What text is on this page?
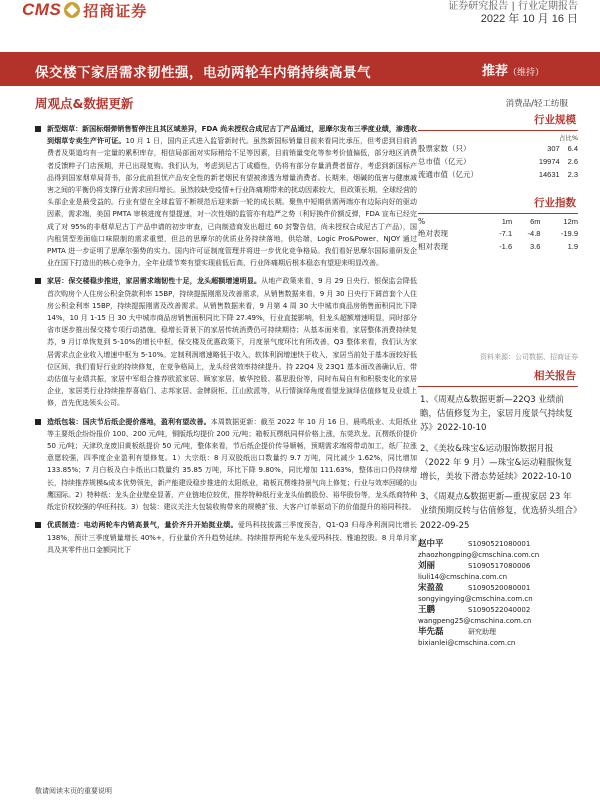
CMS 招商证券	证券研究报告 | 行业定期报告
2022 年 10 月 16 日
保交楼下家居需求韧性强，电动两轮车内销持续高景气	推荐（维持）
周观点&数据更新	消费品/轻工纺服
新型烟草：新国标烟弹销售暂停注且其区域差异，FDA 尚未授权合成尼古丁产品通过，思摩尔发布三季度业绩，渗透收到烟草专卖生产许可证。10 月 1 日，国内正式进入监管新时代。虽然新国标销量目前来看同比承压，但考虑到目前消费者及渠道均有一定量的累积库存，相信局部面对实际稍给不足等因素，目前销量变化等参考价值偏低，部分地区消费者反馈粹子门店预期，并已出现复购。我们认为，考虑到尼古丁成瘾性，仍将有部分存量消费者留存，考虑到新国标产品得到国家烟草局背书，部分此前担忧产品安全性的新老烟民有望被渗透为增量消费者。长期来，烟碱的低害与健康减害之间的平衡仍将支撑行业需求回归增长。虽然较缺受疫情+行业阵痛期带来的扰动因素较大，但政策长期，全球经营的头部企业是最受益的。行业有望在全球监管不断规范后迎来新一轮的成长期。聚焦中短期供需两端亦有边际向好的驱动因素，需求端，美国 PMTA 审核进度有望提速，对一次性烟的监管亦有趋严之势（利好换件价额反弹，FDA 宣布已经完成了对 95%的非烟草尼古丁产品申请的初步审查，已向制造商发出超过 60 封警告信，尚未授权合成尼古丁产品），国内租赁型差面临口味限制的需求重塑，但总的思摩尔的优质业务持续落地，供给端，Logic Pro&Power、NJOY 通过 PMTA 进一步证明了思摩尔强势的实力。国内许可证制度管理并将进一步优化竞争格局。我们看好思摩尔国际重研发企业在国下打造出的核心竞争力，全年业绩节奏有望实现前低后高，行业阵痛期后根本稳态有望迎来明显改善。
家居：保交楼稳步推进，家居需求端韧性十足，龙头超额增速明显。从地产政策来看，9 月 29 日央行、银保监会降低首次购房个人住房公积金贷款利率 15BP，持续提振刚需及改善需求，从销售数据来看，9 月 30 日央行下调首套个人住房公积金利率 15BP，持续提振刚需及改善需求。从销售数据来看，9 月第 4 周 30 大中城市商品房销售面积同比下降 14%，10 月 1-15 日 30 大中城市商品房销售面积同比下降 27.49%，行业直接影响，但龙头超额增速明显，同时部分省市逐步推出保交楼专项行动措施，稳增长背景下的家居传统消费仍可持续期待；从基本面来看，家居整体消费持续复苏，9 月订单恢复到 5-10%的增长中枢，保交楼及优惠政策下，月度景气度环比有所改善，Q3 整体来看，我们认为家居需求点企业收入增速中枢为 5-10%。定制利润增速略低于收入，软体利润增速快于收入，家居当前处于基本面较好低位区间，我们看好行业的持续修复，在竞争格局上，龙头经营效率持续提升。持 22Q4 及 23Q1 基本面改善确认后，带动估值与业绩共振，家居中军组合推荐欧派家居、顾家家居、敏华控股、慕思股份等，同时布局自有和积极变化的家居企业，家居类行业持续推荐喜临门、志邦家居、金牌厨柜、江山欧派等，从行情演绎角度看望龙演绎估值修复及业绩上修，首先优选领头公司。
造纸包装：国庆节后纸企提价落地，盈利有望改善。本周数据更新：截至 2022 年 10 月 16 日，晨鸣纸业、太阳纸业等主要纸企纷纷报价 100、200 元/吨，铜版纸均提价 200 元/吨；箱板瓦楞纸同样价格上涨，东莞玖龙、瓦楞纸价提价 50 元/吨；天津玖龙废旧黄板纸提价 50 元/吨，整体来看，节后纸企提价传导顺畅，预期需求端将带动加工，纸厂拉涨意愿较强，四季度企业盈利有望修复。1）大宗纸：8 月双胶纸出口数量约 9.7 万吨，同比减少 1.62%，同比增加 133.85%；7 月白板及白卡纸出口数量约 35.85 万吨，环比下降 9.80%，同比增加 111.63%，整体出口仍持续增长，持续推荐规模&成本优势领先，新产能建设稳步推进的太阳纸业，箱板瓦楞维持景气向上修复；行业与效率回暖的山鹰国际。2）特种纸：龙头企业壁垒显著，产业链地位较优，推荐特种纸行业龙头仙鹤股份、裕华股份等，龙头纸商特种纸定价权较强的华旺科技。3）包装：建议关注大包装收购带来的规模扩张、大客户订单驱动下的价值提升的裕同科技。
优质制造：电动两轮车内销高景气，量价齐升开始挺业绩。爱玛科技披露三季度预告，Q1-Q3 归母净利润同比增长 138%，预计三季度销量增长 40%+，行业量价齐升趋势延续。持续推荐两轮车龙头爱玛科技、雅迪控股。8 月单月家具及其零件出口金额同比下
行业规模
占比%
股票家数（只）	307	6.4
总市值（亿元）	19974	2.6
流通市值（亿元）	14631	2.3
行业指数
%	1m	6m	12m
绝对表现	-7.1	-4.8	-19.9
相对表现	-1.6	3.6	1.9
资料来源：公司数据、招商证券
相关报告
1、《周观点&数据更新—22Q3 业绩前瞻，估值修复为主，家居月度景气持续复苏》2022-10-10
2、《美妆&珠宝&运动服饰数据月报（2022 年 9 月）—珠宝&运动鞋服恢复增长，美妆下滑态势延续》2022-10-10
3、《周观点&数据更新—重视家居 23 年业绩预期反转与估值修复，优选骄头组合》2022-09-25
赵中平	S1090521080001
zhaozhongping@cmschina.com.cn
刘丽	S1090517080006
liuli14@cmschina.com.cn
宋盈盈	S1090520080001
songyingying@cmschina.com.cn
王鹏	S1090522040002
wangpeng25@cmschina.com.cn
毕先磊	研究助理
bixianlei@cmschina.com.cn
敬请阅读末页的重要说明
